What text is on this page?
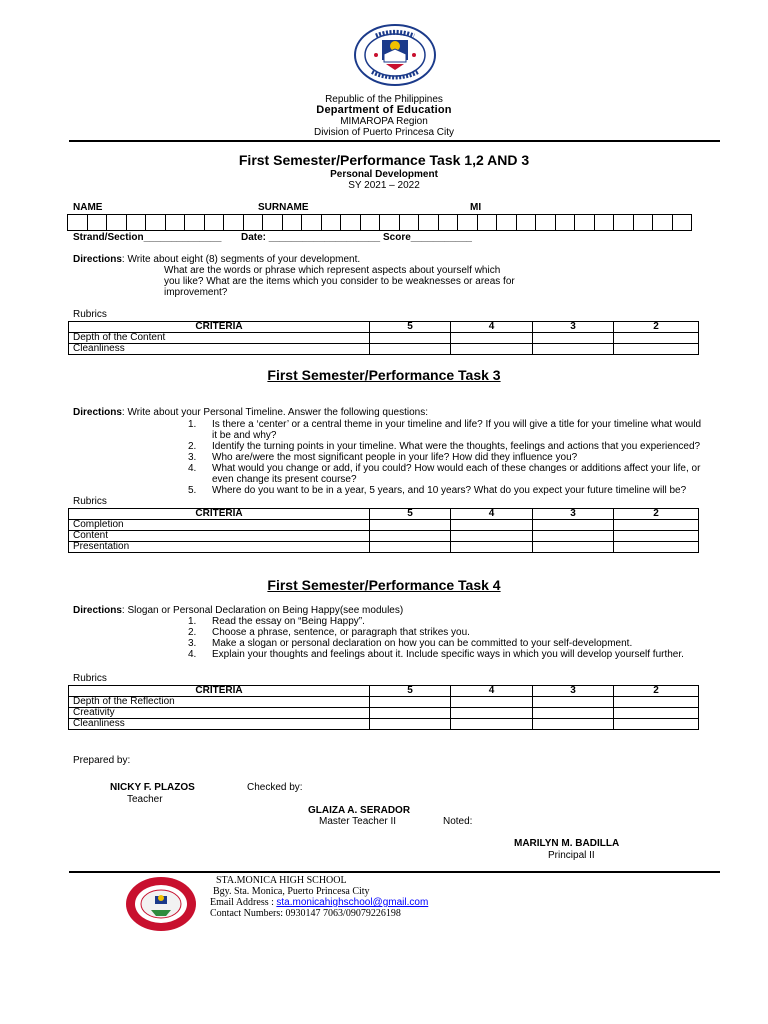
Republic of the Philippines
Department of Education
MIMAROPA Region
Division of Puerto Princesa City
First Semester/Performance Task 1,2 AND 3
Personal Development
SY 2021 – 2022
NAME	SURNAME	MI

Strand/Section______________ Date: ____________________ Score___________
Directions: Write about eight (8) segments of your development.
What are the words or phrase which represent aspects about yourself which
you like? What are the items which you consider to be weaknesses or areas for
improvement?
Rubrics
CRITERIA	5	4	3	2
Depth of the Content				
Cleanliness				
First Semester/Performance Task 3
Directions: Write about your Personal Timeline. Answer the following questions:
1. Is there a ‘center’ or a central theme in your timeline and life? If you will give a title for your timeline what would
it be and why?
2. Identify the turning points in your timeline. What were the thoughts, feelings and actions that you experienced?
3. Who are/were the most significant people in your life? How did they influence you?
4. What would you change or add, if you could? How would each of these changes or additions affect your life, or
even change its present course?
5. Where do you want to be in a year, 5 years, and 10 years? What do you expect your future timeline will be?
Rubrics
CRITERIA	5	4	3	2
Completion				
Content				
Presentation				
First Semester/Performance Task 4
Directions: Slogan or Personal Declaration on Being Happy(see modules)
1. Read the essay on “Being Happy”.
2. Choose a phrase, sentence, or paragraph that strikes you.
3. Make a slogan or personal declaration on how you can be committed to your self-development.
4. Explain your thoughts and feelings about it. Include specific ways in which you will develop yourself further.
Rubrics
CRITERIA	5	4	3	2
Depth of the Reflection				
Creativity				
Cleanliness				
Prepared by:
NICKY F. PLAZOS
Teacher
Checked by:
GLAIZA A. SERADOR
Master Teacher II	Noted:
MARILYN M. BADILLA
Principal II
STA.MONICA HIGH SCHOOL
Bgy. Sta. Monica, Puerto Princesa City
Email Address : sta.monicahighschool@gmail.com
Contact Numbers: 0930147 7063/09079226198
